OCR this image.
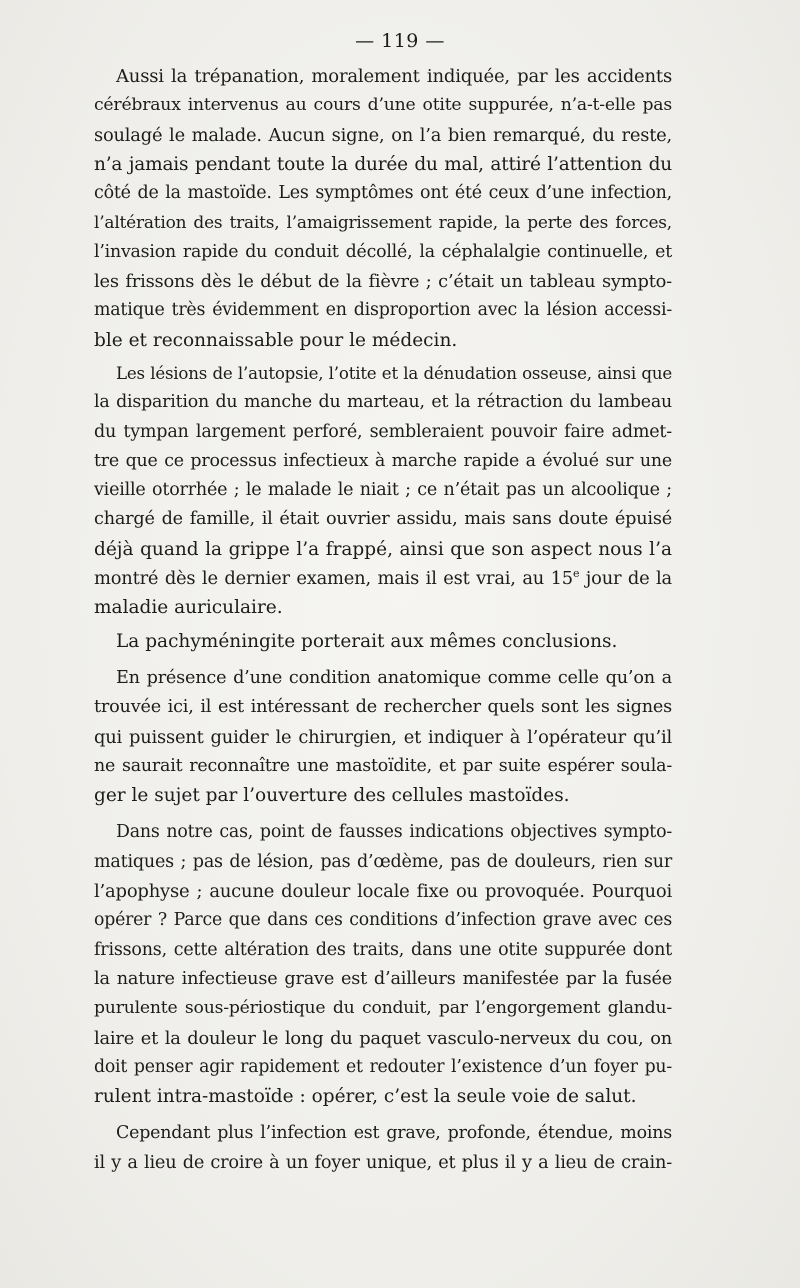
— 119 —
Aussi la trépanation, moralement indiquée, par les accidents
cérébraux intervenus au cours d’une otite suppurée, n’a-t-elle pas
soulagé le malade. Aucun signe, on l’a bien remarqué, du reste,
n’a jamais pendant toute la durée du mal, attiré l’attention du
côté de la mastoïde. Les symptômes ont été ceux d’une infection,
l’altération des traits, l’amaigrissement rapide, la perte des forces,
l’invasion rapide du conduit décollé, la céphalalgie continuelle, et
les frissons dès le début de la fièvre ; c’était un tableau sympto-
matique très évidemment en disproportion avec la lésion accessi-
ble et reconnaissable pour le médecin.
Les lésions de l’autopsie, l’otite et la dénudation osseuse, ainsi que
la disparition du manche du marteau, et la rétraction du lambeau
du tympan largement perforé, sembleraient pouvoir faire admet-
tre que ce processus infectieux à marche rapide a évolué sur une
vieille otorrhée ; le malade le niait ; ce n’était pas un alcoolique ;
chargé de famille, il était ouvrier assidu, mais sans doute épuisé
déjà quand la grippe l’a frappé, ainsi que son aspect nous l’a
montré dès le dernier examen, mais il est vrai, au 15e jour de la
maladie auriculaire.
La pachyméningite porterait aux mêmes conclusions.
En présence d’une condition anatomique comme celle qu’on a
trouvée ici, il est intéressant de rechercher quels sont les signes
qui puissent guider le chirurgien, et indiquer à l’opérateur qu’il
ne saurait reconnaître une mastoïdite, et par suite espérer soula-
ger le sujet par l’ouverture des cellules mastoïdes.
Dans notre cas, point de fausses indications objectives sympto-
matiques ; pas de lésion, pas d’œdème, pas de douleurs, rien sur
l’apophyse ; aucune douleur locale fixe ou provoquée. Pourquoi
opérer ? Parce que dans ces conditions d’infection grave avec ces
frissons, cette altération des traits, dans une otite suppurée dont
la nature infectieuse grave est d’ailleurs manifestée par la fusée
purulente sous-périostique du conduit, par l’engorgement glandu-
laire et la douleur le long du paquet vasculo-nerveux du cou, on
doit penser agir rapidement et redouter l’existence d’un foyer pu-
rulent intra-mastoïde : opérer, c’est la seule voie de salut.
Cependant plus l’infection est grave, profonde, étendue, moins
il y a lieu de croire à un foyer unique, et plus il y a lieu de crain-
